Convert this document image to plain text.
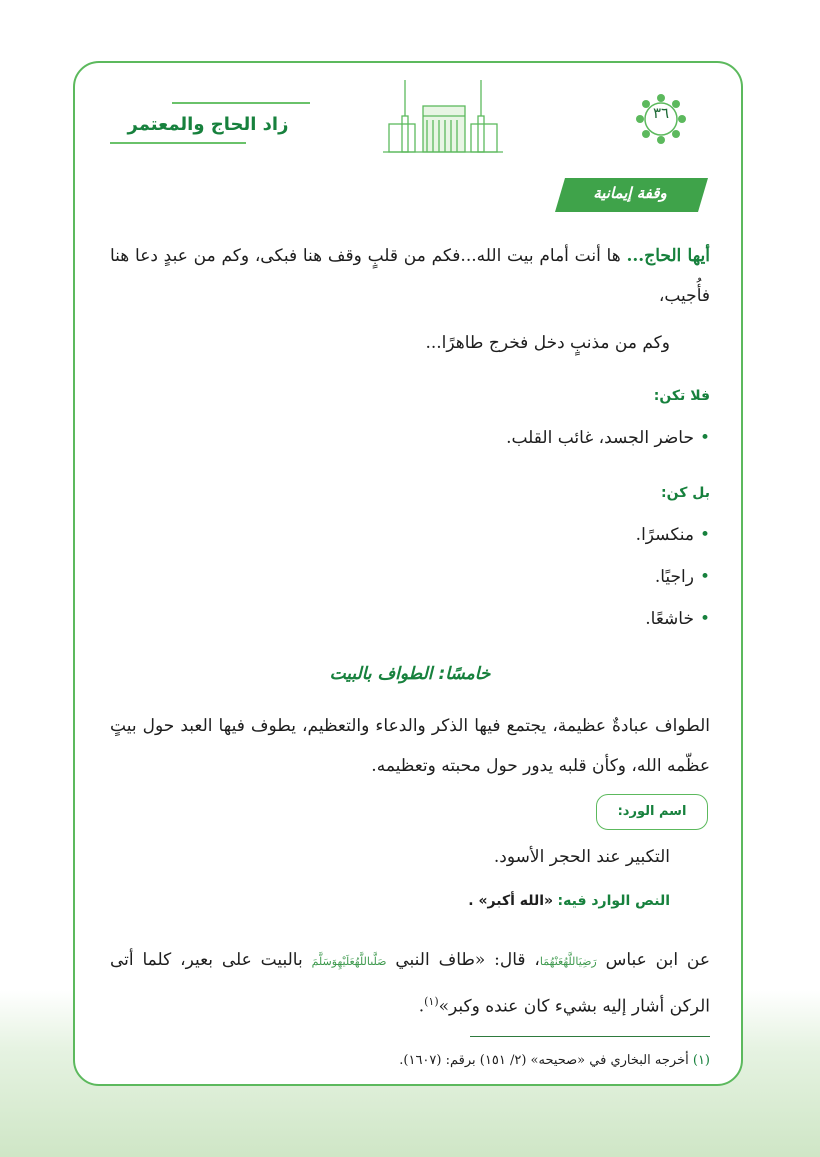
زاد الحاج والمعتمر
٣٦
وقفة إيمانية
أيها الحاج... ها أنت أمام بيت الله...فكم من قلبٍ وقف هنا فبكى، وكم من عبدٍ دعا هنا فأُجيب،
وكم من مذنبٍ دخل فخرج طاهرًا...
فلا تكن:
•حاضر الجسد، غائب القلب.
بل كن:
•منكسرًا.
•راجيًا.
•خاشعًا.
خامسًا: الطواف بالبيت
الطواف عبادةٌ عظيمة، يجتمع فيها الذكر والدعاء والتعظيم، يطوف فيها العبد حول بيتٍ عظّمه الله، وكأن قلبه يدور حول محبته وتعظيمه.
اسم الورد:
التكبير عند الحجر الأسود.
النص الوارد فيه: «الله أكبر» .
عن ابن عباس رَضِيَاللَّهُعَنْهُمَا، قال: «طاف النبي صَلَّىاللَّهُعَلَيْهِوَسَلَّمَ بالبيت على بعير، كلما أتى الركن أشار إليه بشيء كان عنده وكبر»$^{(١)}$.
(١) أخرجه البخاري في «صحيحه» (٢/ ١٥١) برقم: (١٦٠٧).
